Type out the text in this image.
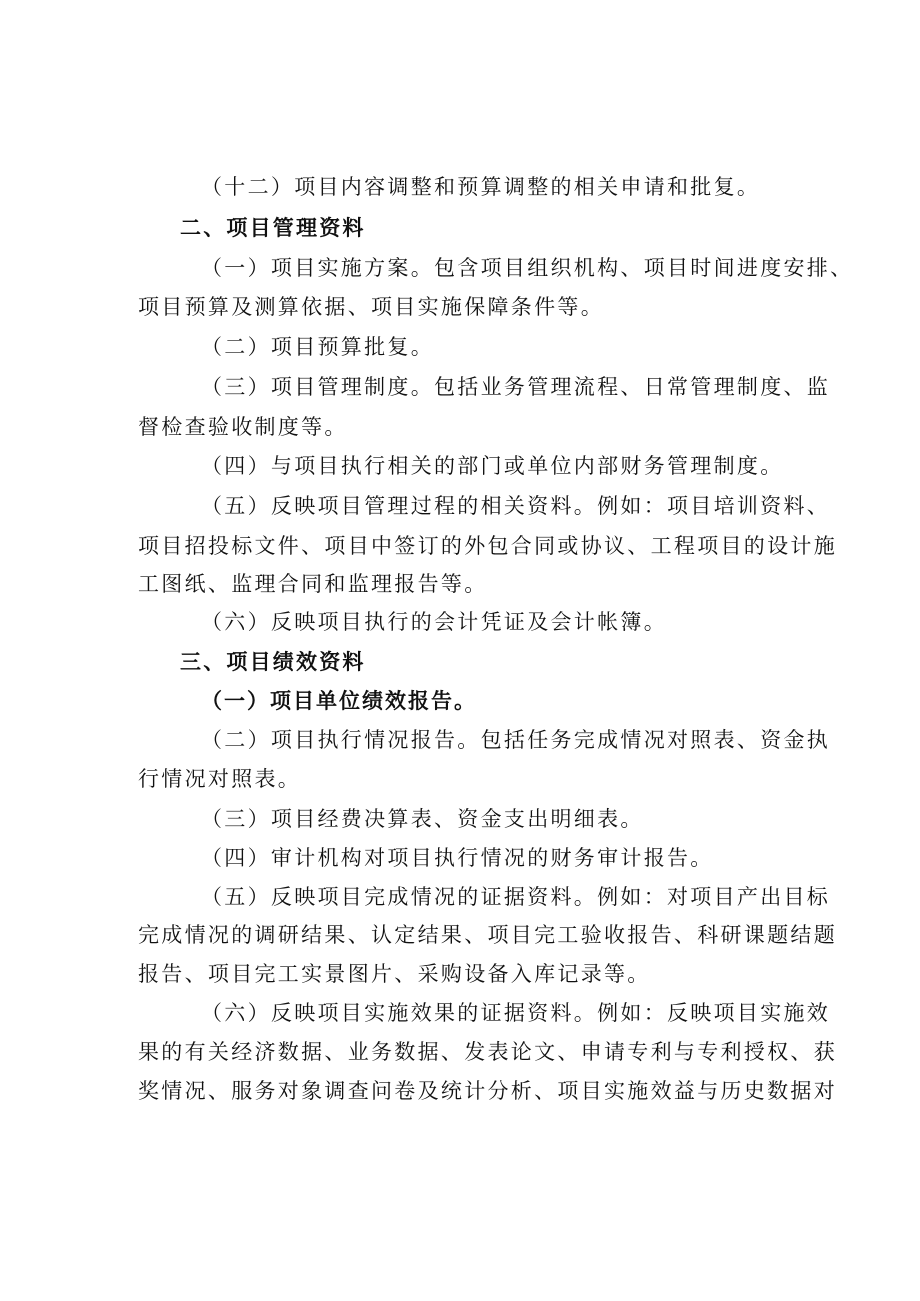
（十二）项目内容调整和预算调整的相关申请和批复。
二、项目管理资料
（一）项目实施方案。包含项目组织机构、项目时间进度安排、
项目预算及测算依据、项目实施保障条件等。
（二）项目预算批复。
（三）项目管理制度。包括业务管理流程、日常管理制度、监
督检查验收制度等。
（四）与项目执行相关的部门或单位内部财务管理制度。
（五）反映项目管理过程的相关资料。例如：项目培训资料、
项目招投标文件、项目中签订的外包合同或协议、工程项目的设计施
工图纸、监理合同和监理报告等。
（六）反映项目执行的会计凭证及会计帐簿。
三、项目绩效资料
（一）项目单位绩效报告。
（二）项目执行情况报告。包括任务完成情况对照表、资金执
行情况对照表。
（三）项目经费决算表、资金支出明细表。
（四）审计机构对项目执行情况的财务审计报告。
（五）反映项目完成情况的证据资料。例如：对项目产出目标
完成情况的调研结果、认定结果、项目完工验收报告、科研课题结题
报告、项目完工实景图片、采购设备入库记录等。
（六）反映项目实施效果的证据资料。例如：反映项目实施效
果的有关经济数据、业务数据、发表论文、申请专利与专利授权、获
奖情况、服务对象调查问卷及统计分析、项目实施效益与历史数据对
